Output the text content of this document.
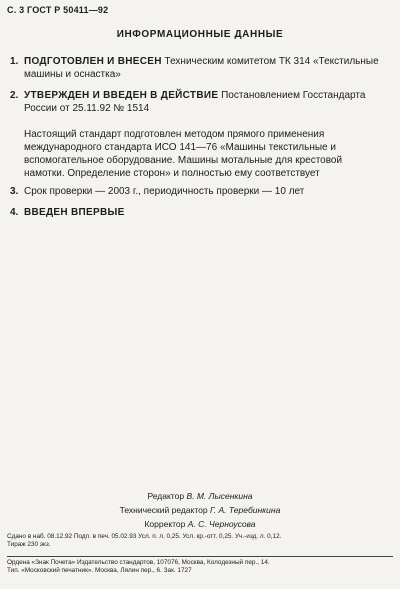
С. 3 ГОСТ Р 50411—92
ИНФОРМАЦИОННЫЕ ДАННЫЕ
1. ПОДГОТОВЛЕН И ВНЕСЕН Техническим комитетом ТК 314 «Текстильные машины и оснастка»
2. УТВЕРЖДЕН И ВВЕДЕН В ДЕЙСТВИЕ Постановлением Госстандарта России от 25.11.92 № 1514
Настоящий стандарт подготовлен методом прямого применения международного стандарта ИСО 141—76 «Машины текстильные и вспомогательное оборудование. Машины мотальные для крестовой намотки. Определение сторон» и полностью ему соответствует
3. Срок проверки — 2003 г., периодичность проверки — 10 лет
4. ВВЕДЕН ВПЕРВЫЕ
Редактор В. М. Лысенкина
Технический редактор Г. А. Теребинкина
Корректор А. С. Черноусова
Сдано в наб. 08.12.92 Подп. в печ. 05.02.93 Усл. п. л. 0,25. Усл. кр.-отт. 0,25. Уч.-изд. л. 0,12.
Тираж 230 экз.
Ордена «Знак Почета» Издательство стандартов, 107076, Москва, Колодезный пер., 14.
Тип. «Московский печатник». Москва, Лялин пер., 6. Зак. 1727
